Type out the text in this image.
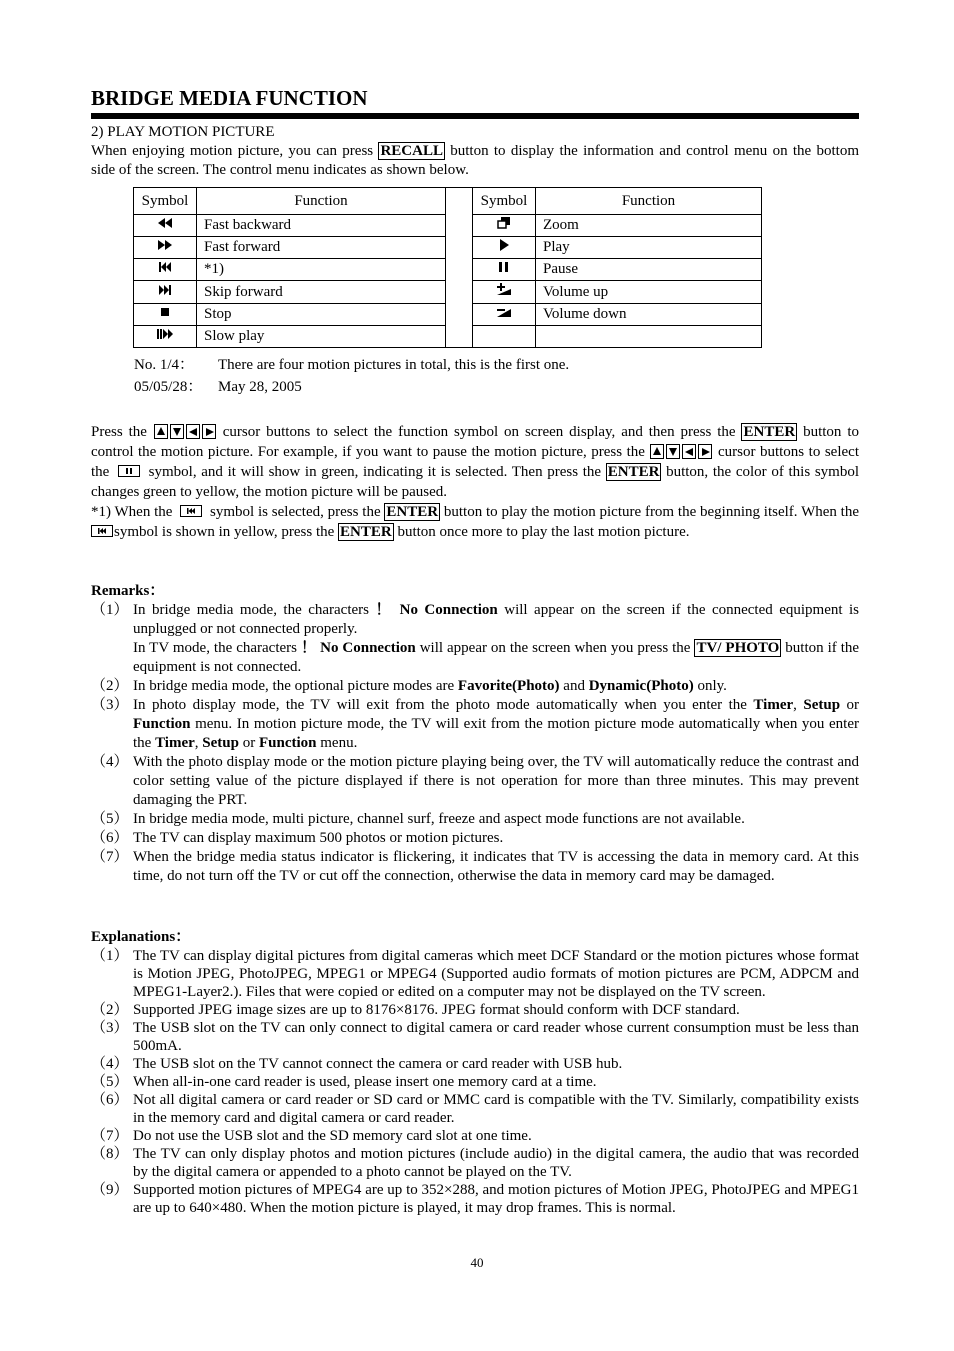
BRIDGE MEDIA FUNCTION
2) PLAY MOTION PICTURE

When enjoying motion picture, you can press RECALL button to display the information and control menu on the bottom side of the screen. The control menu indicates as shown below.

Symbol	Function		Symbol	Function
	Fast backward			Zoom
	Fast forward			Play
	*1)			Pause
	Skip forward			Volume up
	Stop			Volume down
	Slow play			
No. 1/4： There are four motion pictures in total, this is the first one.
05/05/28： May 28, 2005

Press the	cursor buttons to select the function symbol on screen display, and then press the ENTER button to control the motion picture. For example, if you want to pause the motion picture, press the	cursor buttons to select the
symbol, and it will show in green, indicating it is selected. Then press the ENTER button, the color of this symbol changes green to yellow, the motion picture will be paused.

*1) When the
symbol is selected, press the ENTER button to play the motion picture from the beginning itself. When the
symbol is shown in yellow, press the ENTER button once more to play the last motion picture.

Remarks：
（1） In bridge media mode, the characters ！ No Connection will appear on the screen if the connected equipment is unplugged or not connected properly.
In TV mode, the characters ！ No Connection will appear on the screen when you press the TV/ PHOTO button if the equipment is not connected.
（2） In bridge media mode, the optional picture modes are Favorite(Photo) and Dynamic(Photo) only.
（3） In photo display mode, the TV will exit from the photo mode automatically when you enter the Timer, Setup or Function menu. In motion picture mode, the TV will exit from the motion picture mode automatically when you enter the Timer, Setup or Function menu.
（4） With the photo display mode or the motion picture playing being over, the TV will automatically reduce the contrast and color setting value of the picture displayed if there is not operation for more than three minutes. This may prevent damaging the PRT.
（5） In bridge media mode, multi picture, channel surf, freeze and aspect mode functions are not available.
（6） The TV can display maximum 500 photos or motion pictures.
（7） When the bridge media status indicator is flickering, it indicates that TV is accessing the data in memory card. At this time, do not turn off the TV or cut off the connection, otherwise the data in memory card may be damaged.
Explanations：
（1） The TV can display digital pictures from digital cameras which meet DCF Standard or the motion pictures whose format is Motion JPEG, PhotoJPEG, MPEG1 or MPEG4 (Supported audio formats of motion pictures are PCM, ADPCM and MPEG1-Layer2.). Files that were copied or edited on a computer may not be displayed on the TV screen.
（2） Supported JPEG image sizes are up to 8176×8176. JPEG format should conform with DCF standard.
（3） The USB slot on the TV can only connect to digital camera or card reader whose current consumption must be less than 500mA.
（4） The USB slot on the TV cannot connect the camera or card reader with USB hub.
（5） When all-in-one card reader is used, please insert one memory card at a time.
（6） Not all digital camera or card reader or SD card or MMC card is compatible with the TV. Similarly, compatibility exists in the memory card and digital camera or card reader.
（7） Do not use the USB slot and the SD memory card slot at one time.
（8） The TV can only display photos and motion pictures (include audio) in the digital camera, the audio that was recorded by the digital camera or appended to a photo cannot be played on the TV.
（9） Supported motion pictures of MPEG4 are up to 352×288, and motion pictures of Motion JPEG, PhotoJPEG and MPEG1 are up to 640×480. When the motion picture is played, it may drop frames. This is normal.
40
